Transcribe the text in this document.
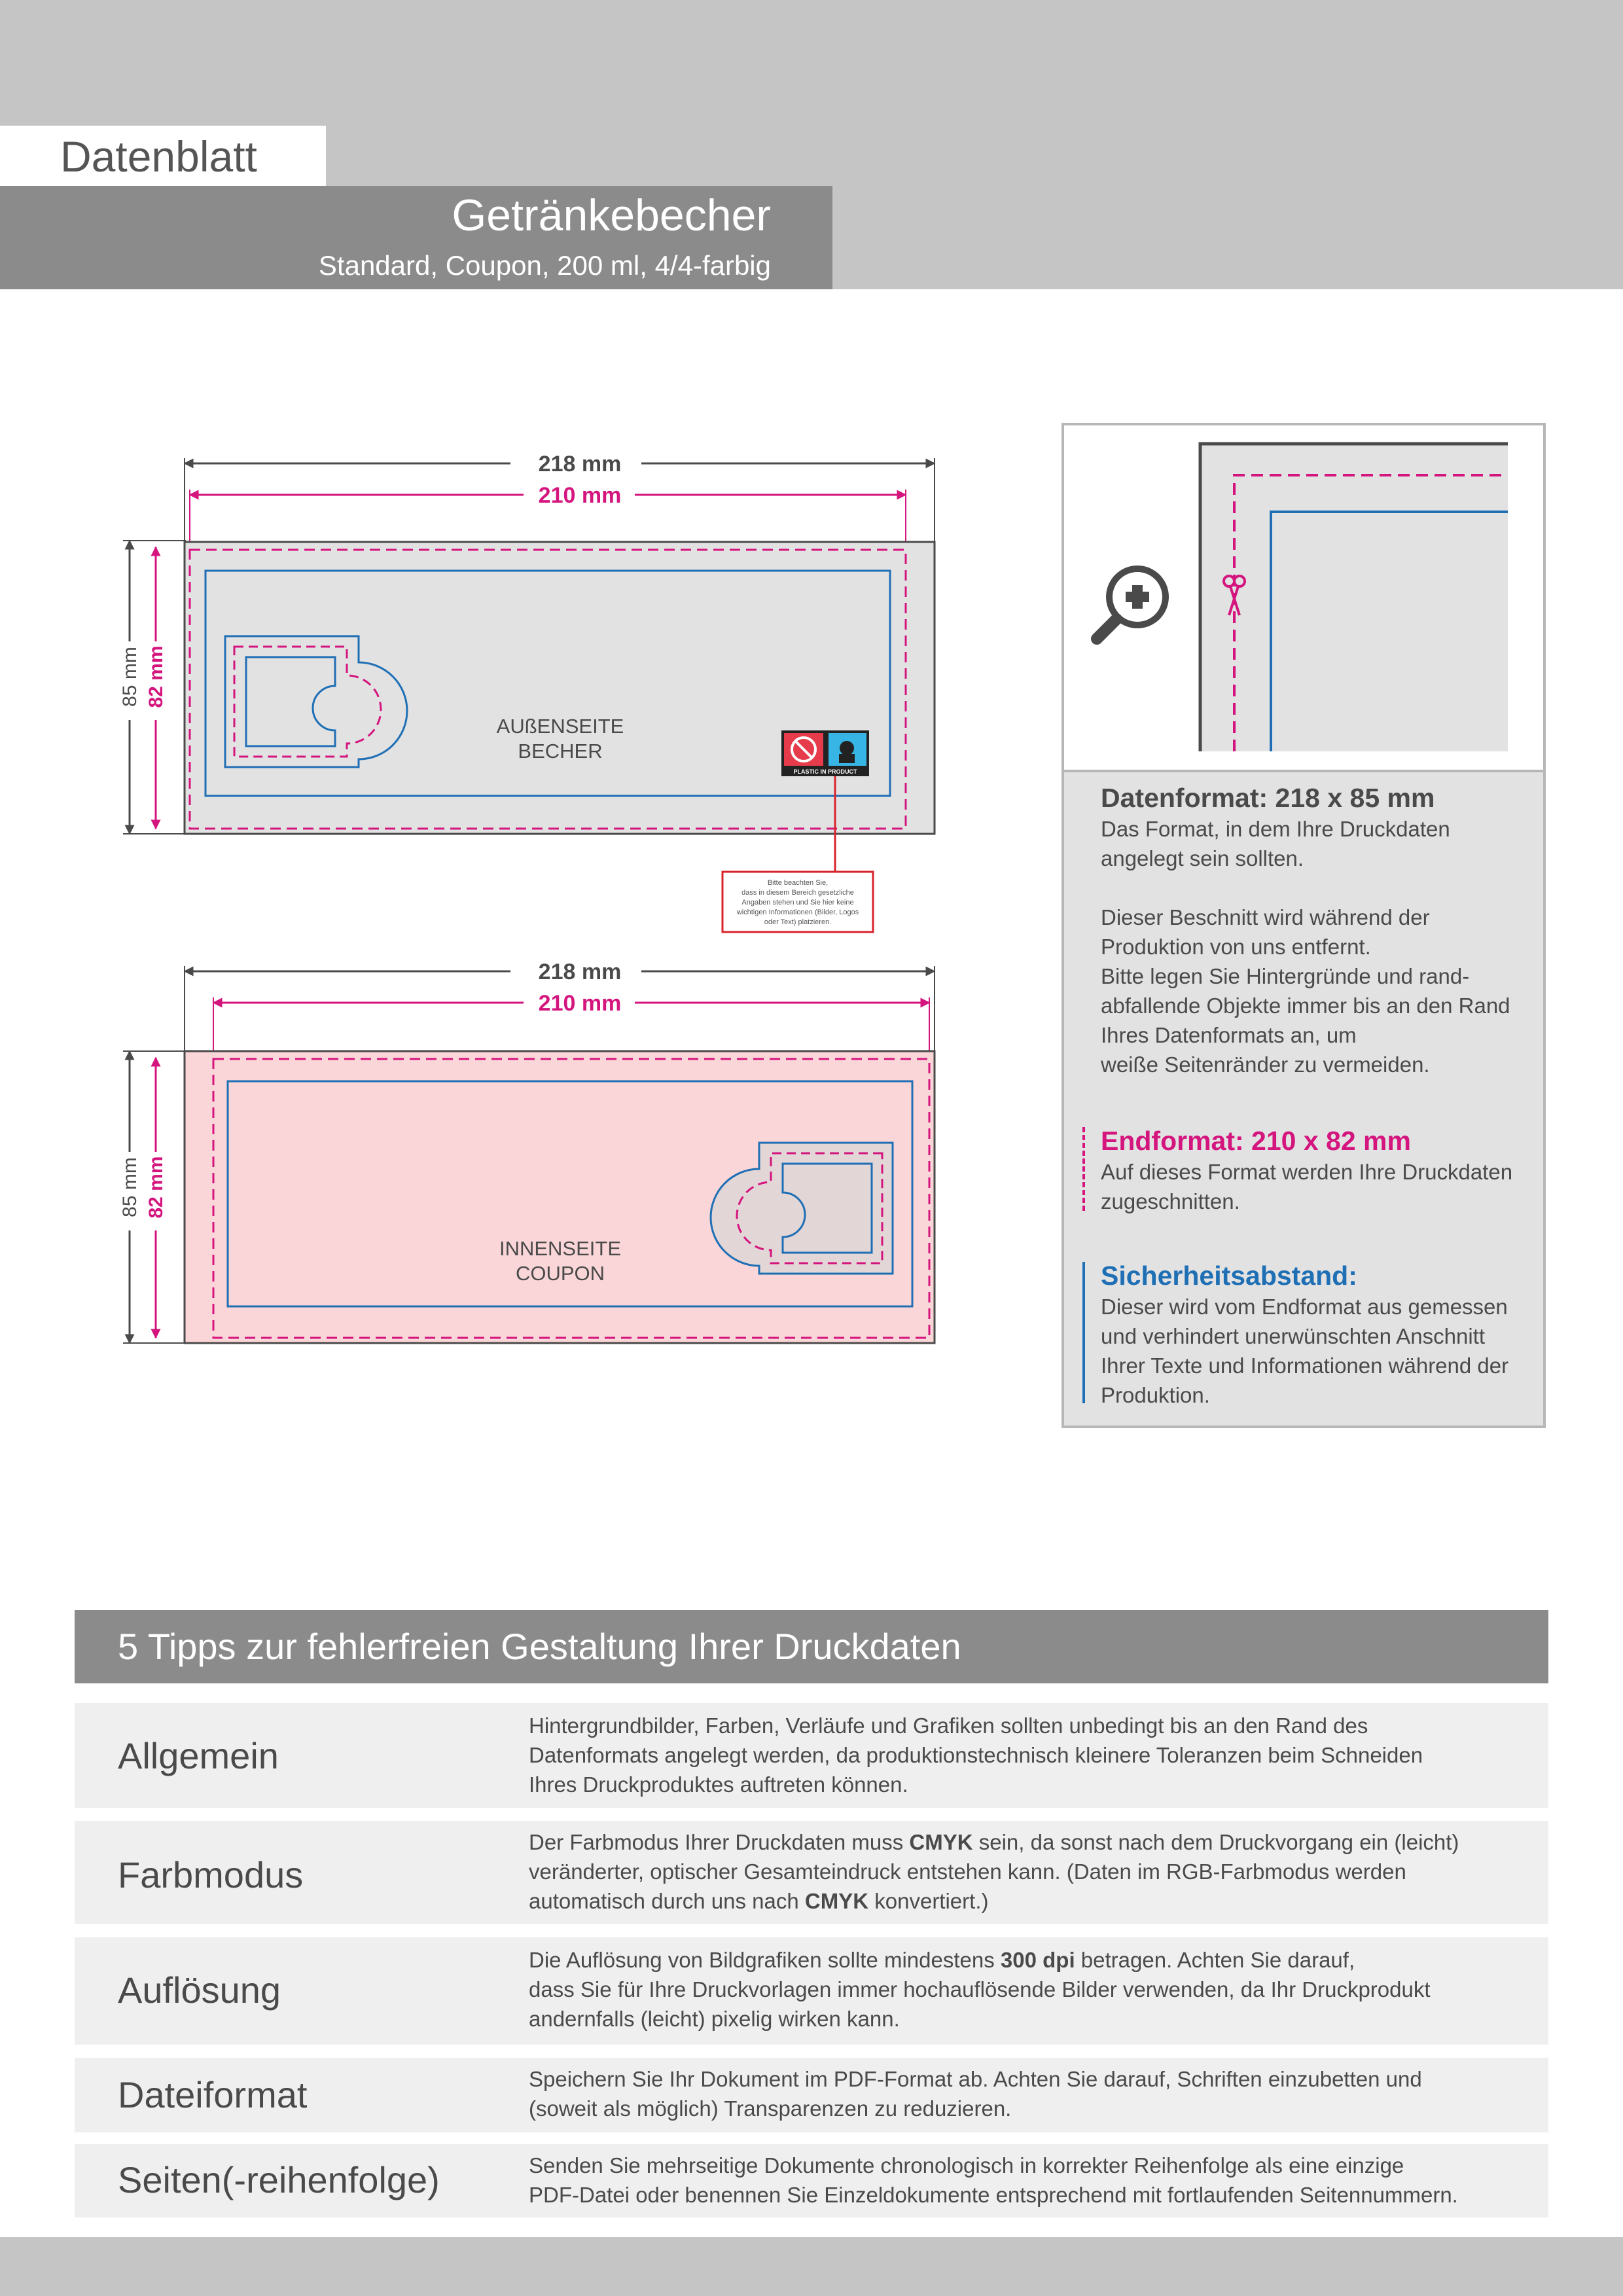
Datenblatt
Getränkebecher
Standard, Coupon, 200 ml, 4/4-farbig
218 mm
210 mm
85 mm 82 mm
AUßENSEITE
BECHER
PLASTIC IN PRODUCT
Bitte beachten Sie,
dass in diesem Bereich gesetzliche
Angaben stehen und Sie hier keine
wichtigen Informationen (Bilder, Logos
oder Text) platzieren.
218 mm
210 mm
85 mm 82 mm
INNENSEITE
COUPON
Datenformat: 218 x 85 mm
Das Format, in dem Ihre Druckdaten
angelegt sein sollten.
Dieser Beschnitt wird während der
Produktion von uns entfernt.
Bitte legen Sie Hintergründe und rand-
abfallende Objekte immer bis an den Rand
Ihres Datenformats an, um
weiße Seitenränder zu vermeiden.
Endformat: 210 x 82 mm
Auf dieses Format werden Ihre Druckdaten
zugeschnitten.
Sicherheitsabstand:
Dieser wird vom Endformat aus gemessen
und verhindert unerwünschten Anschnitt
Ihrer Texte und Informationen während der
Produktion.
5 Tipps zur fehlerfreien Gestaltung Ihrer Druckdaten
Allgemein
Hintergrundbilder, Farben, Verläufe und Grafiken sollten unbedingt bis an den Rand des
Datenformats angelegt werden, da produktionstechnisch kleinere Toleranzen beim Schneiden
Ihres Druckproduktes auftreten können.
Farbmodus
Der Farbmodus Ihrer Druckdaten muss CMYK sein, da sonst nach dem Druckvorgang ein (leicht)
veränderter, optischer Gesamteindruck entstehen kann. (Daten im RGB-Farbmodus werden
automatisch durch uns nach CMYK konvertiert.)
Auflösung
Die Auflösung von Bildgrafiken sollte mindestens 300 dpi betragen. Achten Sie darauf,
dass Sie für Ihre Druckvorlagen immer hochauflösende Bilder verwenden, da Ihr Druckprodukt
andernfalls (leicht) pixelig wirken kann.
Dateiformat	Speichern Sie Ihr Dokument im PDF-Format ab. Achten Sie darauf, Schriften einzubetten und
(soweit als möglich) Transparenzen zu reduzieren.
Seiten(-reihenfolge)	Senden Sie mehrseitige Dokumente chronologisch in korrekter Reihenfolge als eine einzige
PDF-Datei oder benennen Sie Einzeldokumente entsprechend mit fortlaufenden Seitennummern.
